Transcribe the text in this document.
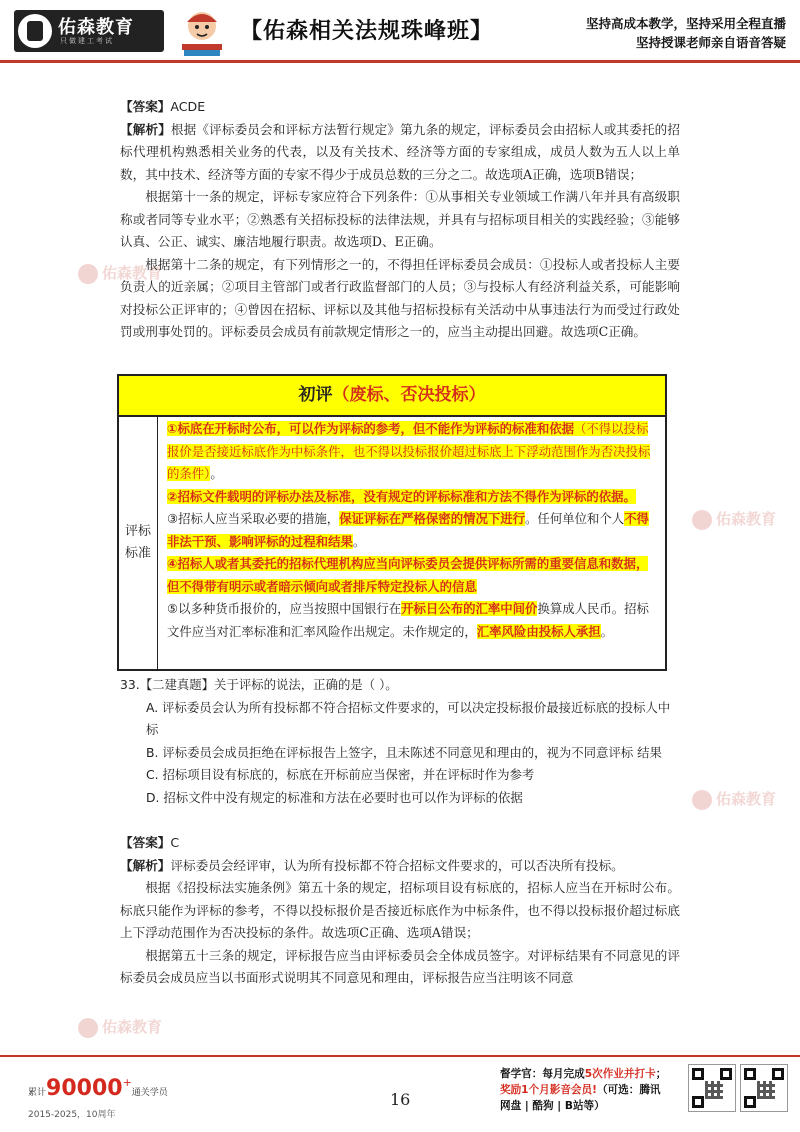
佑森教育
只做建工考试	【佑森相关法规珠峰班】	坚持高成本教学，坚持采用全程直播
坚持授课老师亲自语音答疑
佑森教育
佑森教育
佑森教育
佑森教育

【答案】ACDE

【解析】根据《评标委员会和评标方法暂行规定》第九条的规定，评标委员会由招标人或其委托的招标代理机构熟悉相关业务的代表，以及有关技术、经济等方面的专家组成，成员人数为五人以上单数，其中技术、经济等方面的专家不得少于成员总数的三分之二。故选项A正确，选项B错误；

根据第十一条的规定，评标专家应符合下列条件：①从事相关专业领域工作满八年并具有高级职称或者同等专业水平；②熟悉有关招标投标的法律法规，并具有与招标项目相关的实践经验；③能够认真、公正、诚实、廉洁地履行职责。故选项D、E正确。

根据第十二条的规定，有下列情形之一的，不得担任评标委员会成员：①投标人或者投标人主要负责人的近亲属；②项目主管部门或者行政监督部门的人员；③与投标人有经济利益关系，可能影响对投标公正评审的；④曾因在招标、评标以及其他与招标投标有关活动中从事违法行为而受过行政处罚或刑事处罚的。评标委员会成员有前款规定情形之一的，应当主动提出回避。故选项C正确。

初评（废标、否决投标）
评标标准

①标底在开标时公布，可以作为评标的参考，但不能作为评标的标准和依据（不得以投标报价是否接近标底作为中标条件，也不得以投标报价超过标底上下浮动范围作为否决投标的条件）。

②招标文件载明的评标办法及标准，没有规定的评标标准和方法不得作为评标的依据。

③招标人应当采取必要的措施，保证评标在严格保密的情况下进行。任何单位和个人不得非法干预、影响评标的过程和结果。

④招标人或者其委托的招标代理机构应当向评标委员会提供评标所需的重要信息和数据，但不得带有明示或者暗示倾向或者排斥特定投标人的信息

⑤以多种货币报价的，应当按照中国银行在开标日公布的汇率中间价换算成人民币。招标文件应当对汇率标准和汇率风险作出规定。未作规定的，汇率风险由投标人承担。

33.【二建真题】关于评标的说法，正确的是（ ）。

A. 评标委员会认为所有投标都不符合招标文件要求的，可以决定投标报价最接近标底的投标人中标

B. 评标委员会成员拒绝在评标报告上签字，且未陈述不同意见和理由的，视为不同意评标 结果

C. 招标项目设有标底的，标底在开标前应当保密，并在评标时作为参考

D. 招标文件中没有规定的标准和方法在必要时也可以作为评标的依据

【答案】C

【解析】评标委员会经评审，认为所有投标都不符合招标文件要求的，可以否决所有投标。

根据《招投标法实施条例》第五十条的规定，招标项目设有标底的，招标人应当在开标时公布。标底只能作为评标的参考，不得以投标报价是否接近标底作为中标条件，也不得以投标报价超过标底上下浮动范围作为否决投标的条件。故选项C正确、选项A错误；

根据第五十三条的规定，评标报告应当由评标委员会全体成员签字。对评标结果有不同意见的评标委员会成员应当以书面形式说明其不同意见和理由，评标报告应当注明该不同意

累计90000+通关学员
2015-2025，10周年
16
督学官：每月完成5次作业并打卡；
奖励1个月影音会员!（可选：腾讯
网盘 | 酷狗 | B站等）
